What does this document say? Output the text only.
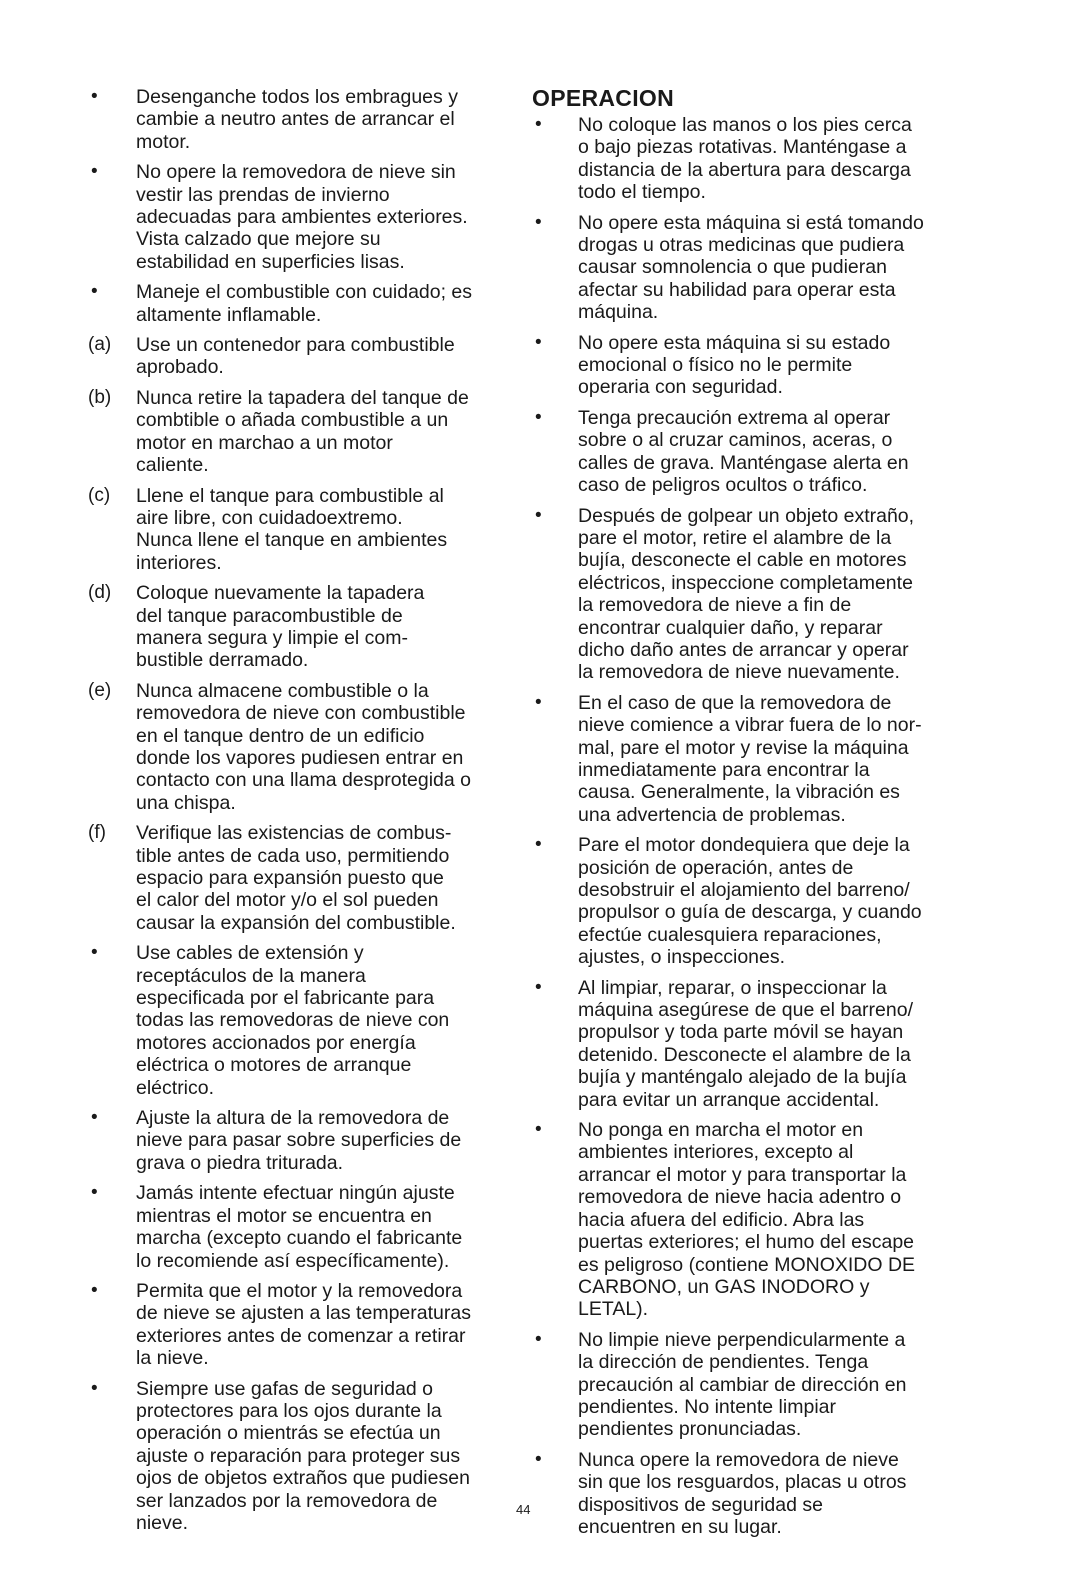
•	Desenganche todos los embragues y
cambie a neutro antes de arrancar el
motor.
•	No opere la removedora de nieve sin
vestir las prendas de invierno
adecuadas para ambientes exteriores.
Vista calzado que mejore su
estabilidad en superficies lisas.
•	Maneje el combustible con cuidado; es
altamente inflamable.
(a)	Use un contenedor para combustible
aprobado.
(b)	Nunca retire la tapadera del tanque de
combtible o añada combustible a un
motor en marchao a un motor
caliente.
(c)	Llene el tanque para combustible al
aire libre, con cuidadoextremo.
Nunca llene el tanque en ambientes
interiores.
(d)	Coloque nuevamente la tapadera
del tanque paracombustible de
manera segura y limpie el com-
bustible derramado.
(e)	Nunca almacene combustible o la
removedora de nieve con combustible
en el tanque dentro de un edificio
donde los vapores pudiesen entrar en
contacto con una llama desprotegida o
una chispa.
(f)	Verifique las existencias de combus-
tible antes de cada uso, permitiendo
espacio para expansión puesto que
el calor del motor y/o el sol pueden
causar la expansión del combustible.
•	Use cables de extensión y
receptáculos de la manera
especificada por el fabricante para
todas las removedoras de nieve con
motores accionados por energía
eléctrica o motores de arranque
eléctrico.
•	Ajuste la altura de la removedora de
nieve para pasar sobre superficies de
grava o piedra triturada.
•	Jamás intente efectuar ningún ajuste
mientras el motor se encuentra en
marcha (excepto cuando el fabricante
lo recomiende así específicamente).
•	Permita que el motor y la removedora
de nieve se ajusten a las temperaturas
exteriores antes de comenzar a retirar
la nieve.
•	Siempre use gafas de seguridad o
protectores para los ojos durante la
operación o mientrás se efectúa un
ajuste o reparación para proteger sus
ojos de objetos extraños que pudiesen
ser lanzados por la removedora de
nieve.
OPERACION
•	No coloque las manos o los pies cerca
o bajo piezas rotativas. Manténgase a
distancia de la abertura para descarga
todo el tiempo.
•	No opere esta máquina si está tomando
drogas u otras medicinas que pudiera
causar somnolencia o que pudieran
afectar su habilidad para operar esta
máquina.
•	No opere esta máquina si su estado
emocional o físico no le permite
operaria con seguridad.
•	Tenga precaución extrema al operar
sobre o al cruzar caminos, aceras, o
calles de grava. Manténgase alerta en
caso de peligros ocultos o tráfico.
•	Después de golpear un objeto extraño,
pare el motor, retire el alambre de la
bujía, desconecte el cable en motores
eléctricos, inspeccione completamente
la removedora de nieve a fin de
encontrar cualquier daño, y reparar
dicho daño antes de arrancar y operar
la removedora de nieve nuevamente.
•	En el caso de que la removedora de
nieve comience a vibrar fuera de lo nor-
mal, pare el motor y revise la máquina
inmediatamente para encontrar la
causa. Generalmente, la vibración es
una advertencia de problemas.
•	Pare el motor dondequiera que deje la
posición de operación, antes de
desobstruir el alojamiento del barreno/
propulsor o guía de descarga, y cuando
efectúe cualesquiera reparaciones,
ajustes, o inspecciones.
•	Al limpiar, reparar, o inspeccionar la
máquina asegúrese de que el barreno/
propulsor y toda parte móvil se hayan
detenido. Desconecte el alambre de la
bujía y manténgalo alejado de la bujía
para evitar un arranque accidental.
•	No ponga en marcha el motor en
ambientes interiores, excepto al
arrancar el motor y para transportar la
removedora de nieve hacia adentro o
hacia afuera del edificio. Abra las
puertas exteriores; el humo del escape
es peligroso (contiene MONOXIDO DE
CARBONO, un GAS INODORO y
LETAL).
•	No limpie nieve perpendicularmente a
la dirección de pendientes. Tenga
precaución al cambiar de dirección en
pendientes. No intente limpiar
pendientes pronunciadas.
•	Nunca opere la removedora de nieve
sin que los resguardos, placas u otros
dispositivos de seguridad se
encuentren en su lugar.
44
